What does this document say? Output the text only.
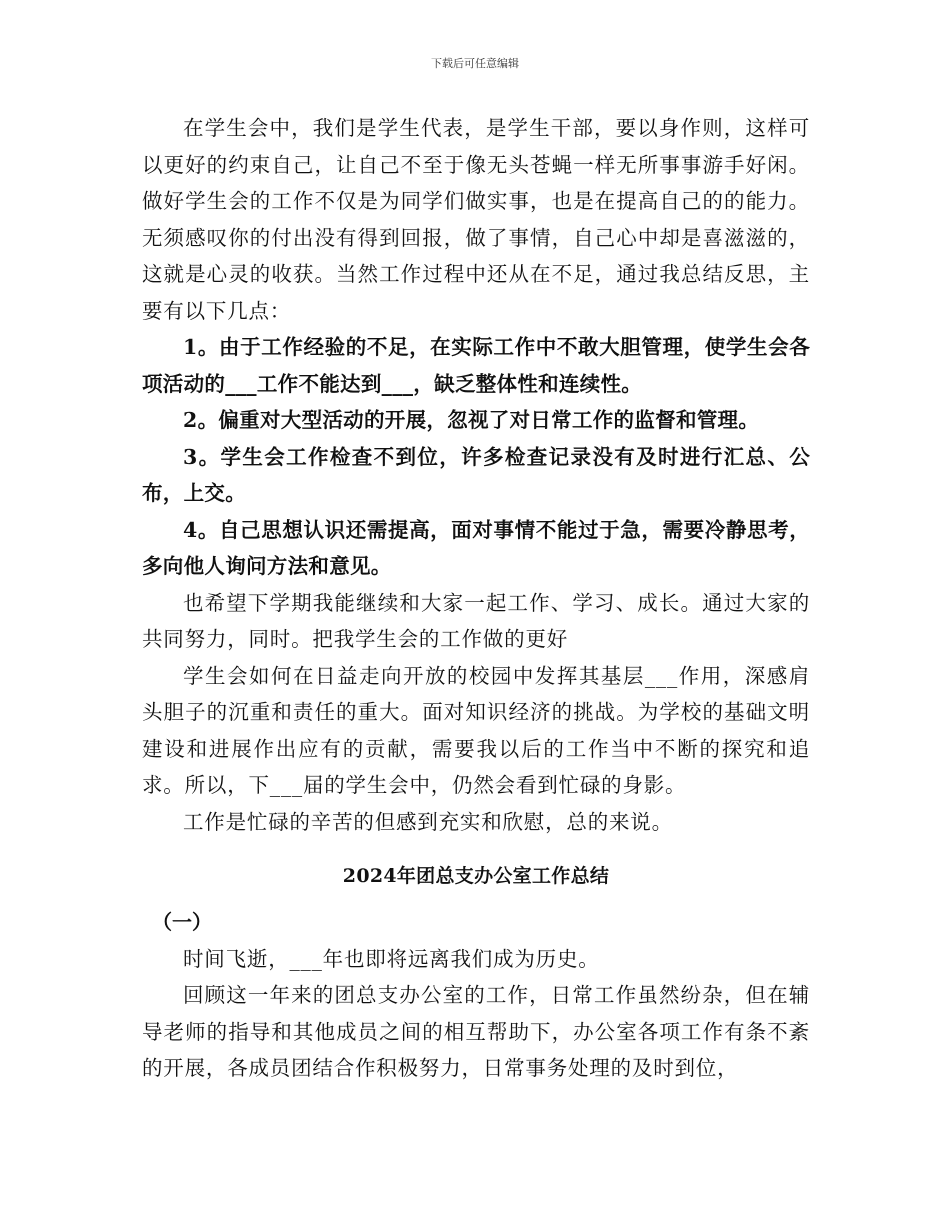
下载后可任意编辑

在学生会中，我们是学生代表，是学生干部，要以身作则，这样可以更好的约束自己，让自己不至于像无头苍蝇一样无所事事游手好闲。做好学生会的工作不仅是为同学们做实事，也是在提高自己的的能力。无须感叹你的付出没有得到回报，做了事情，自己心中却是喜滋滋的，这就是心灵的收获。当然工作过程中还从在不足，通过我总结反思，主要有以下几点：

1。由于工作经验的不足，在实际工作中不敢大胆管理，使学生会各项活动的___工作不能达到___，缺乏整体性和连续性。

2。偏重对大型活动的开展，忽视了对日常工作的监督和管理。

3。学生会工作检查不到位，许多检查记录没有及时进行汇总、公布，上交。

4。自己思想认识还需提高，面对事情不能过于急，需要冷静思考，多向他人询问方法和意见。

也希望下学期我能继续和大家一起工作、学习、成长。通过大家的共同努力，同时。把我学生会的工作做的更好

学生会如何在日益走向开放的校园中发挥其基层___作用，深感肩头胆子的沉重和责任的重大。面对知识经济的挑战。为学校的基础文明建设和进展作出应有的贡献，需要我以后的工作当中不断的探究和追求。所以，下___届的学生会中，仍然会看到忙碌的身影。

工作是忙碌的辛苦的但感到充实和欣慰，总的来说。

2024年团总支办公室工作总结

（一）

时间飞逝，___年也即将远离我们成为历史。

回顾这一年来的团总支办公室的工作，日常工作虽然纷杂，但在辅导老师的指导和其他成员之间的相互帮助下，办公室各项工作有条不紊的开展，各成员团结合作积极努力，日常事务处理的及时到位，
